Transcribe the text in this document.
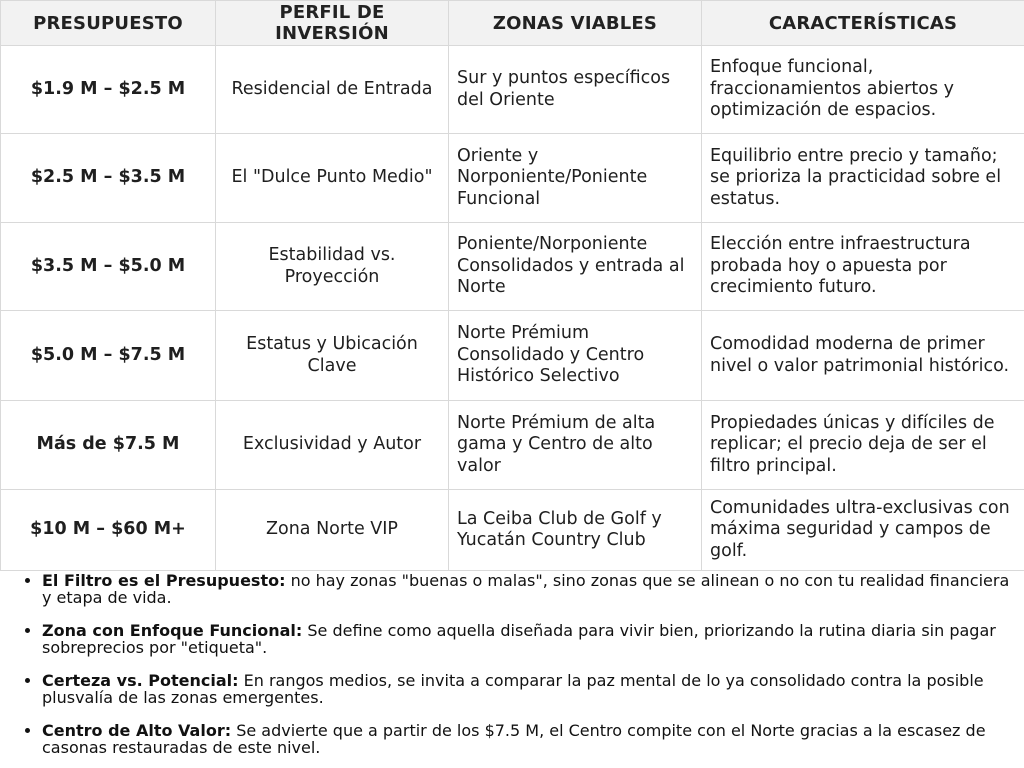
PRESUPUESTO	PERFIL DE INVERSIÓN	ZONAS VIABLES	CARACTERÍSTICAS
$1.9 M – $2.5 M	Residencial de Entrada	Sur y puntos específicos del Oriente	Enfoque funcional, fraccionamientos abiertos y optimización de espacios.
$2.5 M – $3.5 M	El "Dulce Punto Medio"	Oriente y Norponiente/Poniente Funcional	Equilibrio entre precio y tamaño; se prioriza la practicidad sobre el estatus.
$3.5 M – $5.0 M	Estabilidad vs. Proyección	Poniente/Norponiente Consolidados y entrada al Norte	Elección entre infraestructura probada hoy o apuesta por crecimiento futuro.
$5.0 M – $7.5 M	Estatus y Ubicación Clave	Norte Prémium Consolidado y Centro Histórico Selectivo	Comodidad moderna de primer nivel o valor patrimonial histórico.
Más de $7.5 M	Exclusividad y Autor	Norte Prémium de alta gama y Centro de alto valor	Propiedades únicas y difíciles de replicar; el precio deja de ser el filtro principal.
$10 M – $60 M+	Zona Norte VIP	La Ceiba Club de Golf y Yucatán Country Club	Comunidades ultra-exclusivas con máxima seguridad y campos de golf.
• El Filtro es el Presupuesto: no hay zonas "buenas o malas", sino zonas que se alinean o no con tu realidad financiera y etapa de vida.
• Zona con Enfoque Funcional: Se define como aquella diseñada para vivir bien, priorizando la rutina diaria sin pagar sobreprecios por "etiqueta".
• Certeza vs. Potencial: En rangos medios, se invita a comparar la paz mental de lo ya consolidado contra la posible plusvalía de las zonas emergentes.
• Centro de Alto Valor: Se advierte que a partir de los $7.5 M, el Centro compite con el Norte gracias a la escasez de casonas restauradas de este nivel.
